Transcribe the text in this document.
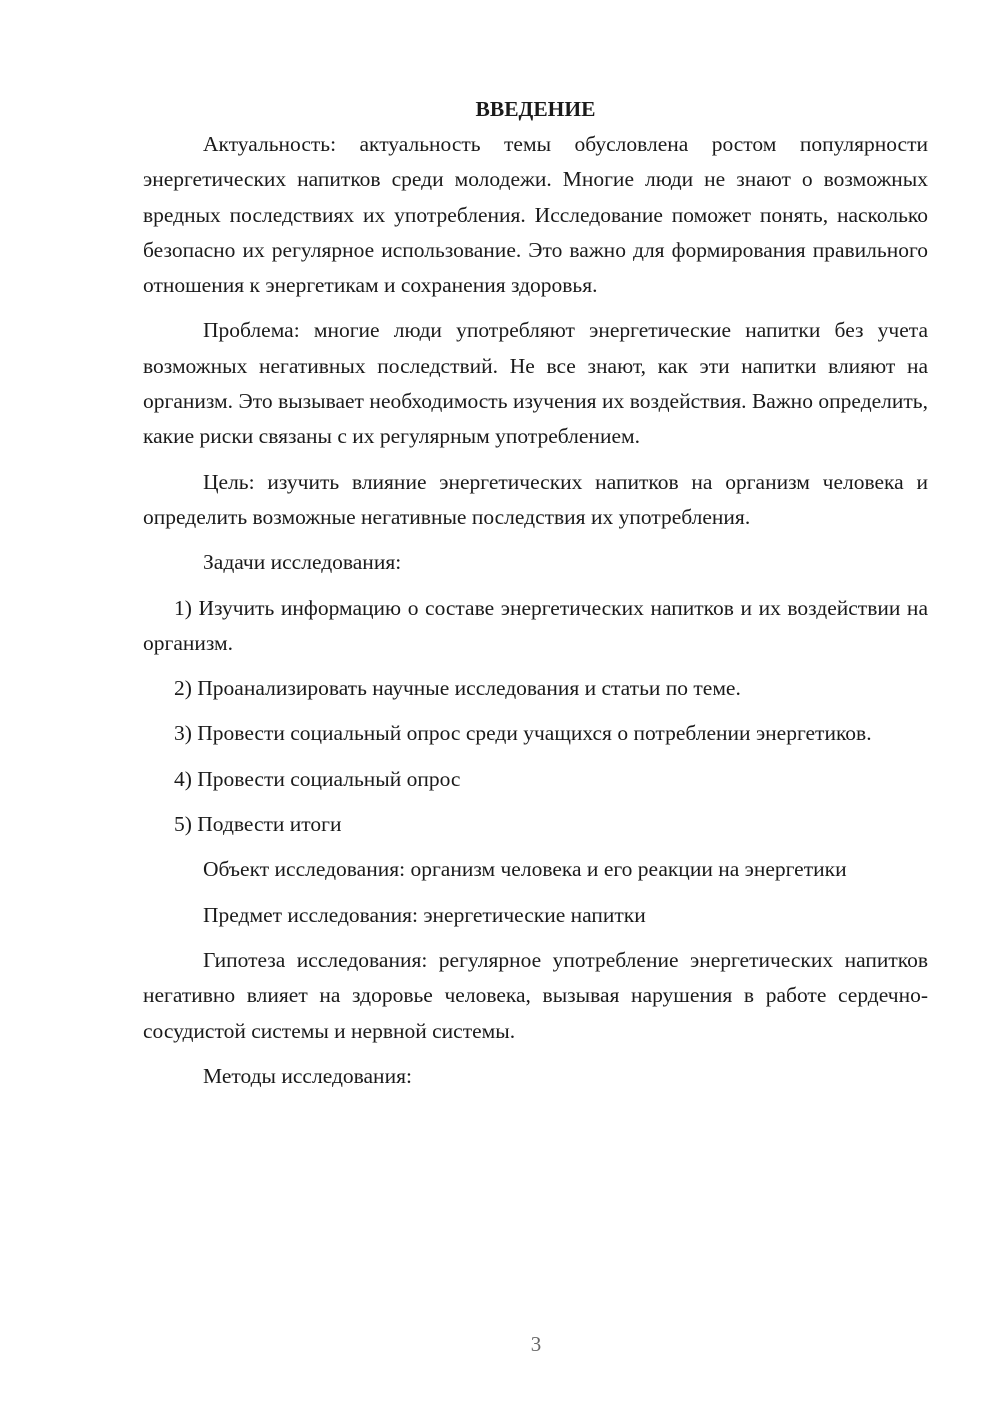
ВВЕДЕНИЕ

Актуальность: актуальность темы обусловлена ростом популярности энергетических напитков среди молодежи. Многие люди не знают о возможных вредных последствиях их употребления. Исследование поможет понять, насколько безопасно их регулярное использование. Это важно для формирования правильного отношения к энергетикам и сохранения здоровья.

Проблема: многие люди употребляют энергетические напитки без учета возможных негативных последствий. Не все знают, как эти напитки влияют на организм. Это вызывает необходимость изучения их воздействия. Важно определить, какие риски связаны с их регулярным употреблением.

Цель: изучить влияние энергетических напитков на организм человека и определить возможные негативные последствия их употребления.

Задачи исследования:

1) Изучить информацию о составе энергетических напитков и их воздействии на организм.

2) Проанализировать научные исследования и статьи по теме.

3) Провести социальный опрос среди учащихся о потреблении энергетиков.

4) Провести социальный опрос

5) Подвести итоги

Объект исследования: организм человека и его реакции на энергетики

Предмет исследования: энергетические напитки

Гипотеза исследования: регулярное употребление энергетических напитков негативно влияет на здоровье человека, вызывая нарушения в работе сердечно-сосудистой системы и нервной системы.

Методы исследования:

3
